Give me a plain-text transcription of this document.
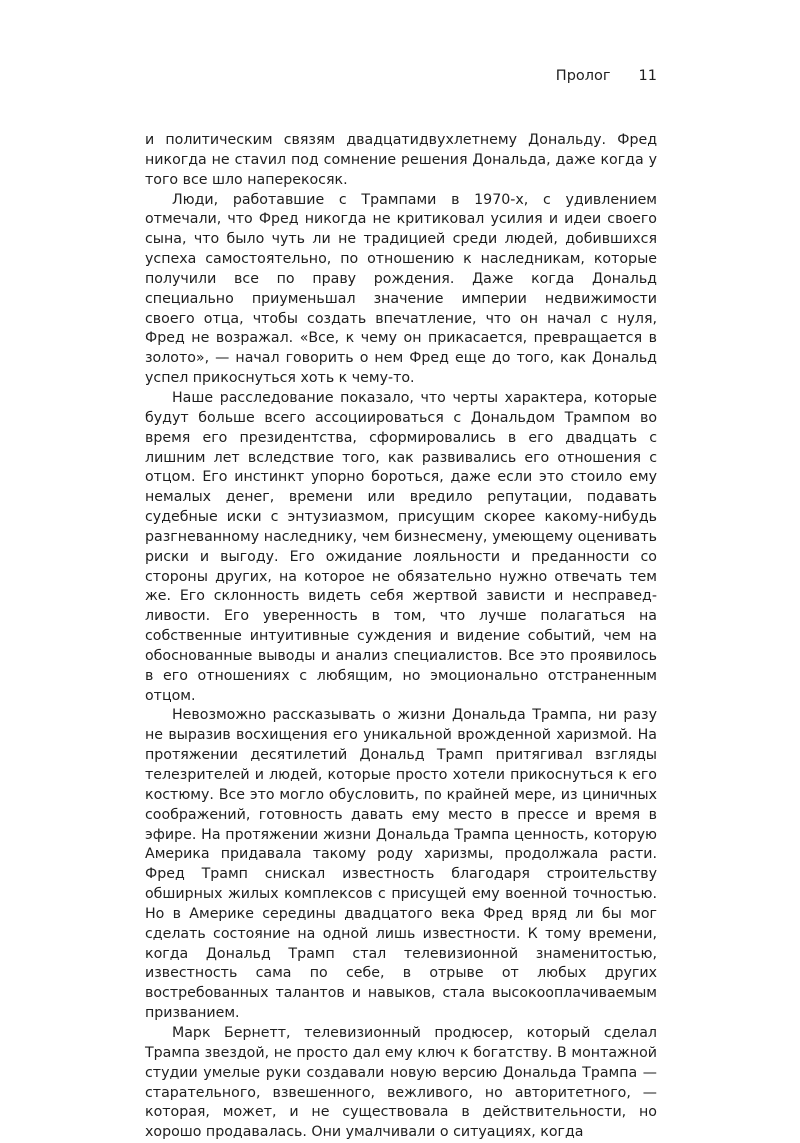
Пролог 11

и политическим связям двадцатидвухлетнему Дональду. Фред никогда не стаvил под сомнение решения Дональда, даже когда у того все шло наперекосяк.

Люди, работавшие с Трампами в 1970-х, с удивлением отмечали, что Фред никогда не критиковал усилия и идеи своего сына, что было чуть ли не традицией среди людей, добившихся успеха самостоятельно, по отношению к наследникам, которые получили все по праву рождения. Даже когда Дональд специально приуменьшал значение империи недвижимости своего отца, чтобы создать впечатление, что он начал с нуля, Фред не возражал. «Все, к чему он прикасается, превращается в золото», — начал говорить о нем Фред еще до того, как Дональд успел прикоснуться хоть к чему-то.

Наше расследование показало, что черты характера, которые будут больше всего ассоциироваться с Дональдом Трампом во время его президентства, сформировались в его двадцать с лишним лет вследствие того, как развивались его отношения с отцом. Его инстинкт упорно бороться, даже если это стоило ему немалых денег, времени или вредило репутации, подавать судебные иски с энтузиазмом, присущим скорее какому-нибудь разгневанному наследнику, чем бизнесмену, умеющему оценивать риски и выгоду. Его ожидание лояльности и преданности со стороны других, на которое не обязательно нужно отвечать тем же. Его склонность видеть себя жертвой зависти и несправедливости. Его уверенность в том, что лучше полагаться на собственные интуитивные суждения и видение событий, чем на обоснованные выводы и анализ специалистов. Все это проявилось в его отношениях с любящим, но эмоционально отстраненным отцом.

Невозможно рассказывать о жизни Дональда Трампа, ни разу не выразив восхищения его уникальной врожденной харизмой. На протяжении десятилетий Дональд Трамп притягивал взгляды телезрителей и людей, которые просто хотели прикоснуться к его костюму. Все это могло обусловить, по крайней мере, из циничных соображений, готовность давать ему место в прессе и время в эфире. На протяжении жизни Дональда Трампа ценность, которую Америка придавала такому роду харизмы, продолжала расти. Фред Трамп снискал известность благодаря строительству обширных жилых комплексов с присущей ему военной точностью. Но в Америке середины двадцатого века Фред вряд ли бы мог сделать состояние на одной лишь известности. К тому времени, когда Дональд Трамп стал телевизионной знаменитостью, известность сама по себе, в отрыве от любых других востребованных талантов и навыков, стала высокооплачиваемым призванием.

Марк Бернетт, телевизионный продюсер, который сделал Трампа звездой, не просто дал ему ключ к богатству. В монтажной студии умелые руки создавали новую версию Дональда Трампа — старательного, взвешенного, вежливого, но авторитетного, — которая, может, и не существовала в действительности, но хорошо продавалась. Они умалчивали о ситуациях, когда
